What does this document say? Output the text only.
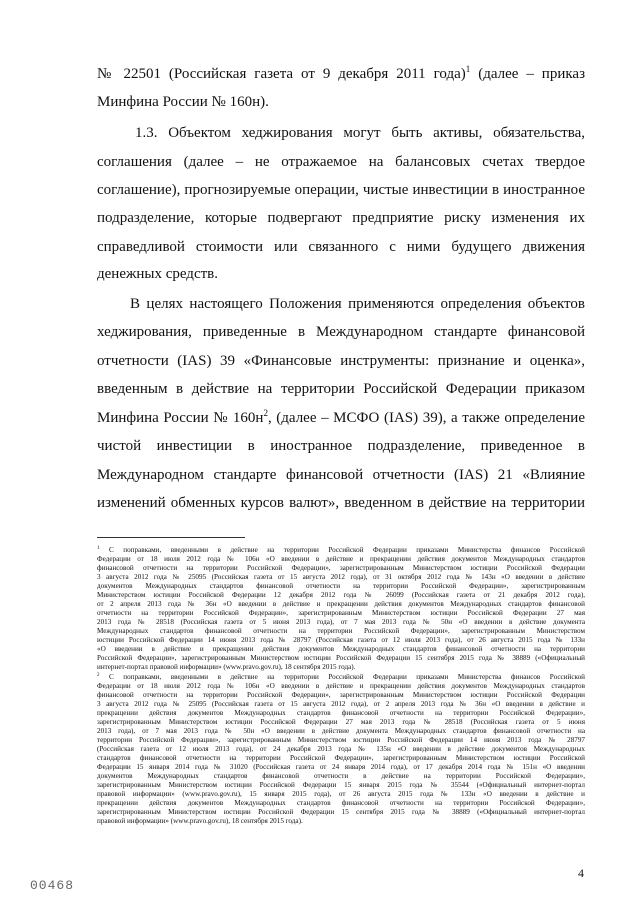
№ 22501 (Российская газета от 9 декабря 2011 года)$^1$ (далее – приказ
Минфина России № 160н).
1.3. Объектом хеджирования могут быть активы, обязательства,
соглашения (далее – не отражаемое на балансовых счетах твердое
соглашение), прогнозируемые операции, чистые инвестиции в иностранное
подразделение, которые подвергают предприятие риску изменения их
справедливой стоимости или связанного с ними будущего движения
денежных средств.
В целях настоящего Положения применяются определения объектов
хеджирования, приведенные в Международном стандарте финансовой
отчетности (IAS) 39 «Финансовые инструменты: признание и оценка»,
введенным в действие на территории Российской Федерации приказом
Минфина России № $160н^2$, (далее – МСФО (IAS) 39), а также определение
чистой инвестиции в иностранное подразделение, приведенное в
Международном стандарте финансовой отчетности (IAS) 21 «Влияние
изменений обменных курсов валют», введенном в действие на территории
$^1$ С поправками, введенными в действие на территории Российской Федерации приказами Министерства финансов Российской
Федерации от 18 июля 2012 года № 106н «О введении в действие и прекращении действия документов Международных стандартов
финансовой отчетности на территории Российской Федерации», зарегистрированным Министерством юстиции Российской Федерации
3 августа 2012 года № 25095 (Российская газета от 15 августа 2012 года), от 31 октября 2012 года № 143н «О введении в действие
документов Международных стандартов финансовой отчетности на территории Российской Федерации», зарегистрированным
Министерством юстиции Российской Федерации 12 декабря 2012 года № 26099 (Российская газета от 21 декабря 2012 года),
от 2 апреля 2013 года № 36н «О введении в действие и прекращении действия документов Международных стандартов финансовой
отчетности на территории Российской Федерации», зарегистрированным Министерством юстиции Российской Федерации 27 мая
2013 года № 28518 (Российская газета от 5 июня 2013 года), от 7 мая 2013 года № 50н «О введении в действие документа
Международных стандартов финансовой отчетности на территории Российской Федерации», зарегистрированным Министерством
юстиции Российской Федерации 14 июня 2013 года № 28797 (Российская газета от 12 июля 2013 года), от 26 августа 2015 года № 133н
«О введении в действие и прекращении действия документов Международных стандартов финансовой отчетности на территории
Российской Федерации», зарегистрированным Министерством юстиции Российской Федерации 15 сентября 2015 года № 38889 («Официальный
интернет-портал правовой информации» (www.pravo.gov.ru), 18 сентября 2015 года).
$^2$ С поправками, введенными в действие на территории Российской Федерации приказами Министерства финансов Российской
Федерации от 18 июля 2012 года № 106н «О введении в действие и прекращении действия документов Международных стандартов
финансовой отчетности на территории Российской Федерации», зарегистрированным Министерством юстиции Российской Федерации
3 августа 2012 года № 25095 (Российская газета от 15 августа 2012 года), от 2 апреля 2013 года № 36н «О введении в действие и
прекращении действия документов Международных стандартов финансовой отчетности на территории Российской Федерации»,
зарегистрированным Министерством юстиции Российской Федерации 27 мая 2013 года № 28518 (Российская газета от 5 июня
2013 года), от 7 мая 2013 года № 50н «О введении в действие документа Международных стандартов финансовой отчетности на
территории Российской Федерации», зарегистрированным Министерством юстиции Российской Федерации 14 июня 2013 года № 28797
(Российская газета от 12 июля 2013 года), от 24 декабря 2013 года № 135н «О введении в действие документов Международных
стандартов финансовой отчетности на территории Российской Федерации», зарегистрированным Министерством юстиции Российской
Федерации 15 января 2014 года № 31020 (Российская газета от 24 января 2014 года), от 17 декабря 2014 года № 151н «О введении
документов Международных стандартов финансовой отчетности в действие на территории Российской Федерации»,
зарегистрированным Министерством юстиции Российской Федерации 15 января 2015 года № 35544 («Официальный интернет-портал
правовой информации» (www.pravo.gov.ru), 15 января 2015 года), от 26 августа 2015 года № 133н «О введении в действие и
прекращении действия документов Международных стандартов финансовой отчетности на территории Российской Федерации»,
зарегистрированным Министерством юстиции Российской Федерации 15 сентября 2015 года № 38889 («Официальный интернет-портал
правовой информации» (www.pravo.gov.ru), 18 сентября 2015 года).
4
00468
